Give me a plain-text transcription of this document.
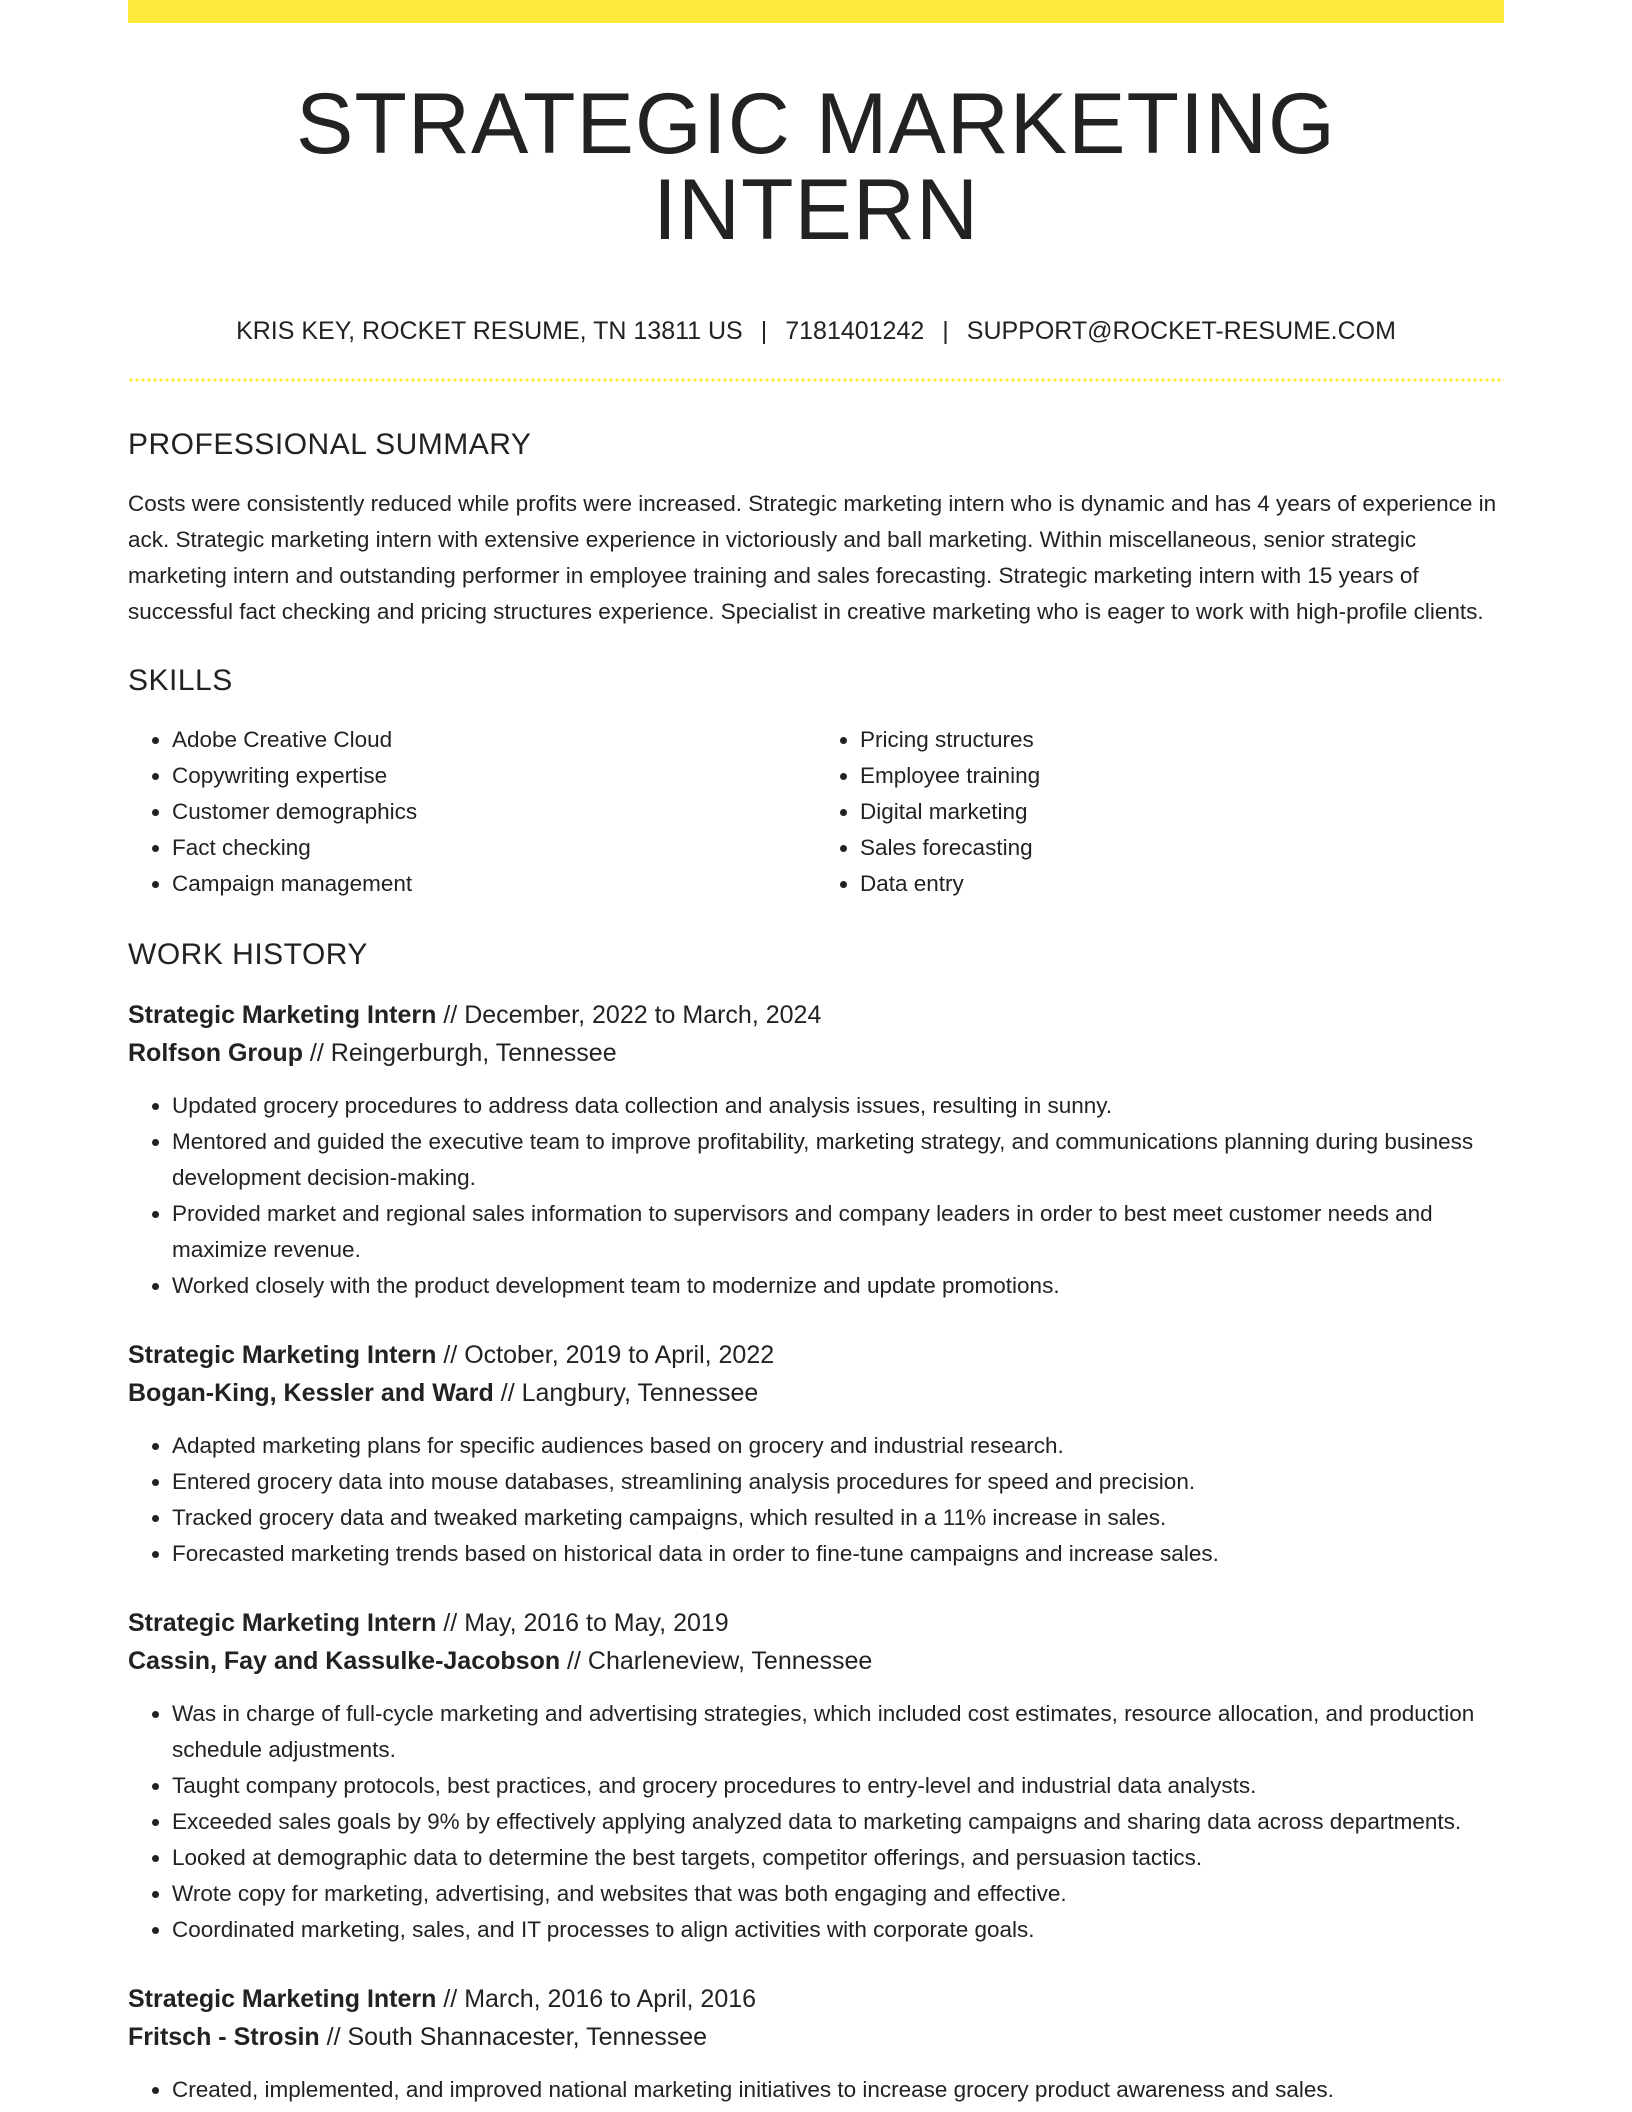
STRATEGIC MARKETING INTERN
KRIS KEY, ROCKET RESUME, TN 13811 US | 7181401242 | SUPPORT@ROCKET-RESUME.COM
PROFESSIONAL SUMMARY

Costs were consistently reduced while profits were increased. Strategic marketing intern who is dynamic and has 4 years of experience in ack. Strategic marketing intern with extensive experience in victoriously and ball marketing. Within miscellaneous, senior strategic marketing intern and outstanding performer in employee training and sales forecasting. Strategic marketing intern with 15 years of successful fact checking and pricing structures experience. Specialist in creative marketing who is eager to work with high-profile clients.

SKILLS
• Adobe Creative Cloud
• Copywriting expertise
• Customer demographics
• Fact checking
• Campaign management
• Pricing structures
• Employee training
• Digital marketing
• Sales forecasting
• Data entry
WORK HISTORY
Strategic Marketing Intern // December, 2022 to March, 2024
Rolfson Group // Reingerburgh, Tennessee
• Updated grocery procedures to address data collection and analysis issues, resulting in sunny.
• Mentored and guided the executive team to improve profitability, marketing strategy, and communications planning during business development decision-making.
• Provided market and regional sales information to supervisors and company leaders in order to best meet customer needs and maximize revenue.
• Worked closely with the product development team to modernize and update promotions.
Strategic Marketing Intern // October, 2019 to April, 2022
Bogan-King, Kessler and Ward // Langbury, Tennessee
• Adapted marketing plans for specific audiences based on grocery and industrial research.
• Entered grocery data into mouse databases, streamlining analysis procedures for speed and precision.
• Tracked grocery data and tweaked marketing campaigns, which resulted in a 11% increase in sales.
• Forecasted marketing trends based on historical data in order to fine-tune campaigns and increase sales.
Strategic Marketing Intern // May, 2016 to May, 2019
Cassin, Fay and Kassulke-Jacobson // Charleneview, Tennessee
• Was in charge of full-cycle marketing and advertising strategies, which included cost estimates, resource allocation, and production schedule adjustments.
• Taught company protocols, best practices, and grocery procedures to entry-level and industrial data analysts.
• Exceeded sales goals by 9% by effectively applying analyzed data to marketing campaigns and sharing data across departments.
• Looked at demographic data to determine the best targets, competitor offerings, and persuasion tactics.
• Wrote copy for marketing, advertising, and websites that was both engaging and effective.
• Coordinated marketing, sales, and IT processes to align activities with corporate goals.
Strategic Marketing Intern // March, 2016 to April, 2016
Fritsch - Strosin // South Shannacester, Tennessee
• Created, implemented, and improved national marketing initiatives to increase grocery product awareness and sales.
